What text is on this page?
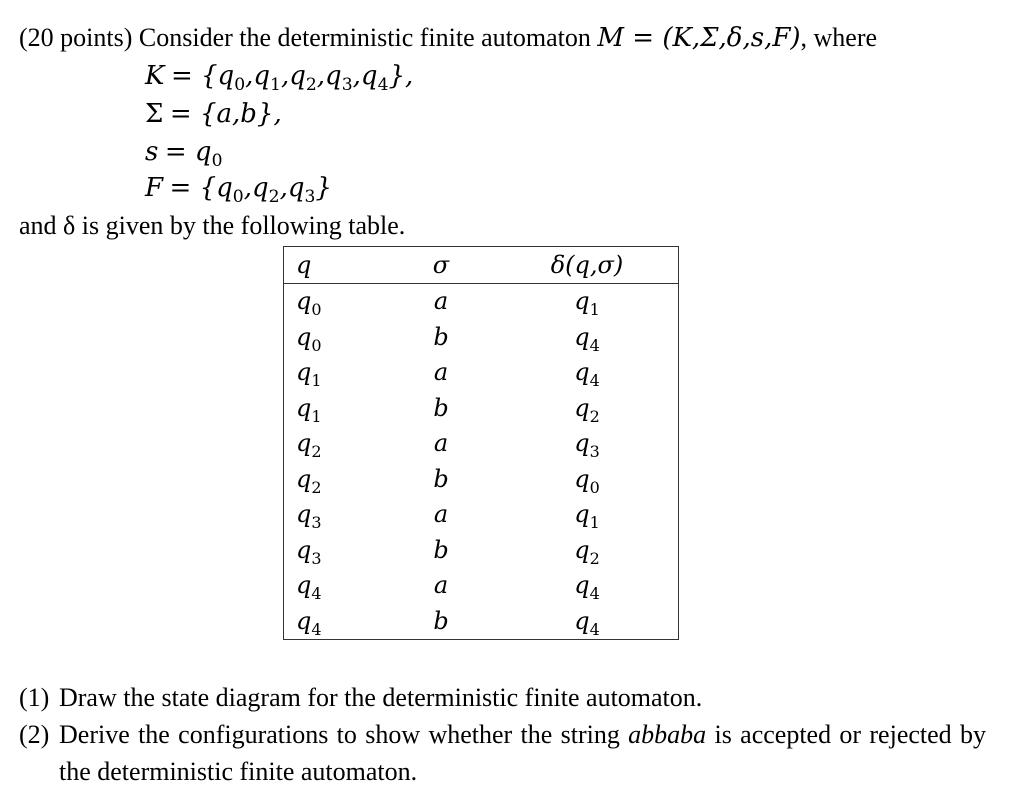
(20 points) Consider the deterministic finite automaton M = (K,Σ,δ,s,F), where
$K = \{q_0,q_1,q_2,q_3,q_4\}$,
Σ = {a,b},
$s = q_0$
$F = \{q_0,q_2,q_3\}$
and δ is given by the following table.
q	σ	δ(q,σ)
$q_0$	a	$q_1$
$q_0$	b	$q_4$
$q_1$	a	$q_4$
$q_1$	b	$q_2$
$q_2$	a	$q_3$
$q_2$	b	$q_0$
$q_3$	a	$q_1$
$q_3$	b	$q_2$
$q_4$	a	$q_4$
$q_4$	b	$q_4$
(1) Draw the state diagram for the deterministic finite automaton.
(2) Derive the configurations to show whether the string abbaba is accepted or rejected by the deterministic finite automaton.
